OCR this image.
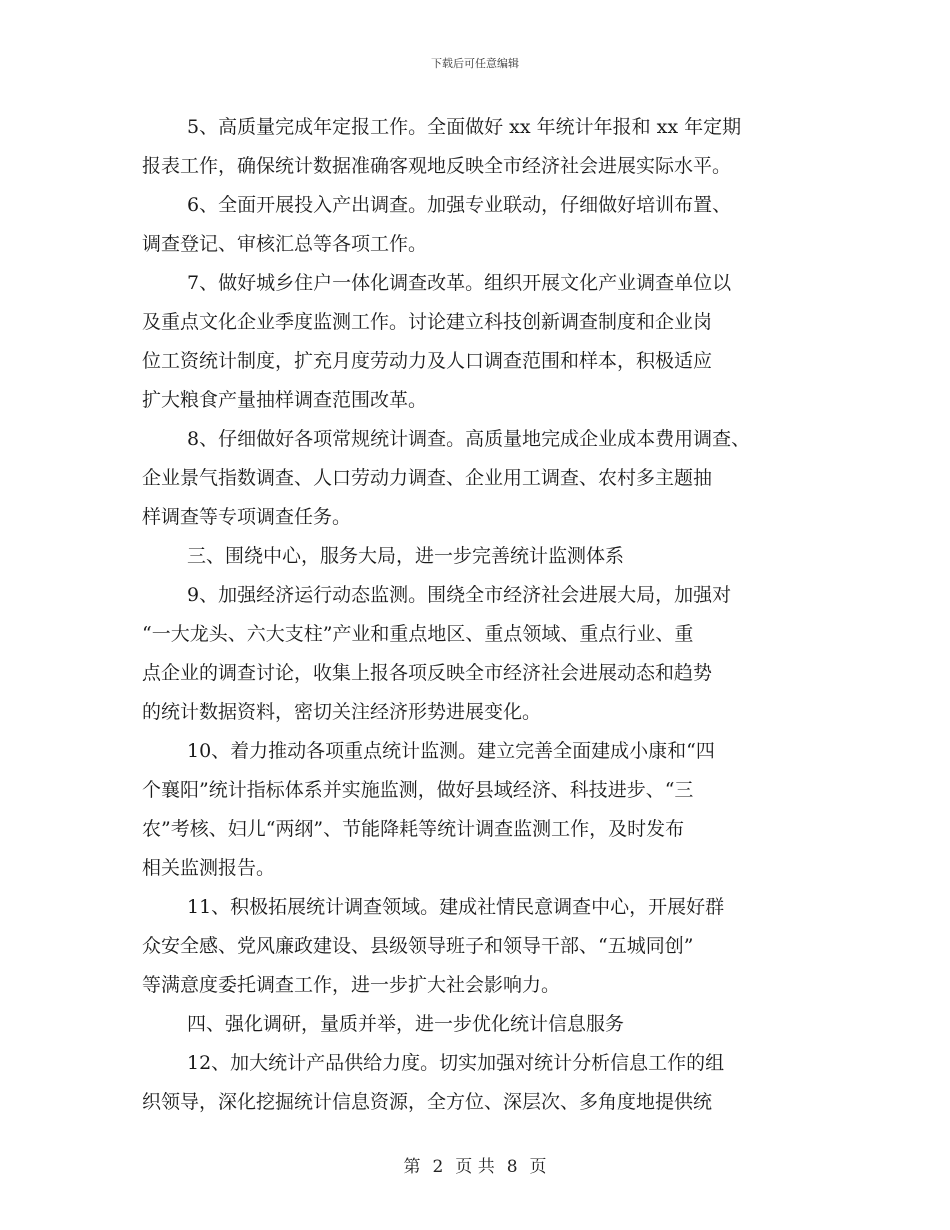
下载后可任意编辑

5、高质量完成年定报工作。全面做好 xx 年统计年报和 xx 年定期
报表工作，确保统计数据准确客观地反映全市经济社会进展实际水平。

6、全面开展投入产出调查。加强专业联动，仔细做好培训布置、
调查登记、审核汇总等各项工作。

7、做好城乡住户一体化调查改革。组织开展文化产业调查单位以
及重点文化企业季度监测工作。讨论建立科技创新调查制度和企业岗
位工资统计制度，扩充月度劳动力及人口调查范围和样本，积极适应
扩大粮食产量抽样调查范围改革。

8、仔细做好各项常规统计调查。高质量地完成企业成本费用调查、
企业景气指数调查、人口劳动力调查、企业用工调查、农村多主题抽
样调查等专项调查任务。

三、围绕中心，服务大局，进一步完善统计监测体系

9、加强经济运行动态监测。围绕全市经济社会进展大局，加强对
“一大龙头、六大支柱”产业和重点地区、重点领域、重点行业、重
点企业的调查讨论，收集上报各项反映全市经济社会进展动态和趋势
的统计数据资料，密切关注经济形势进展变化。

10、着力推动各项重点统计监测。建立完善全面建成小康和“四
个襄阳”统计指标体系并实施监测，做好县域经济、科技进步、“三
农”考核、妇儿“两纲”、节能降耗等统计调查监测工作，及时发布
相关监测报告。

11、积极拓展统计调查领域。建成社情民意调查中心，开展好群
众安全感、党风廉政建设、县级领导班子和领导干部、“五城同创”
等满意度委托调查工作，进一步扩大社会影响力。

四、强化调研，量质并举，进一步优化统计信息服务

12、加大统计产品供给力度。切实加强对统计分析信息工作的组
织领导，深化挖掘统计信息资源，全方位、深层次、多角度地提供统

第 2 页 共 8 页
